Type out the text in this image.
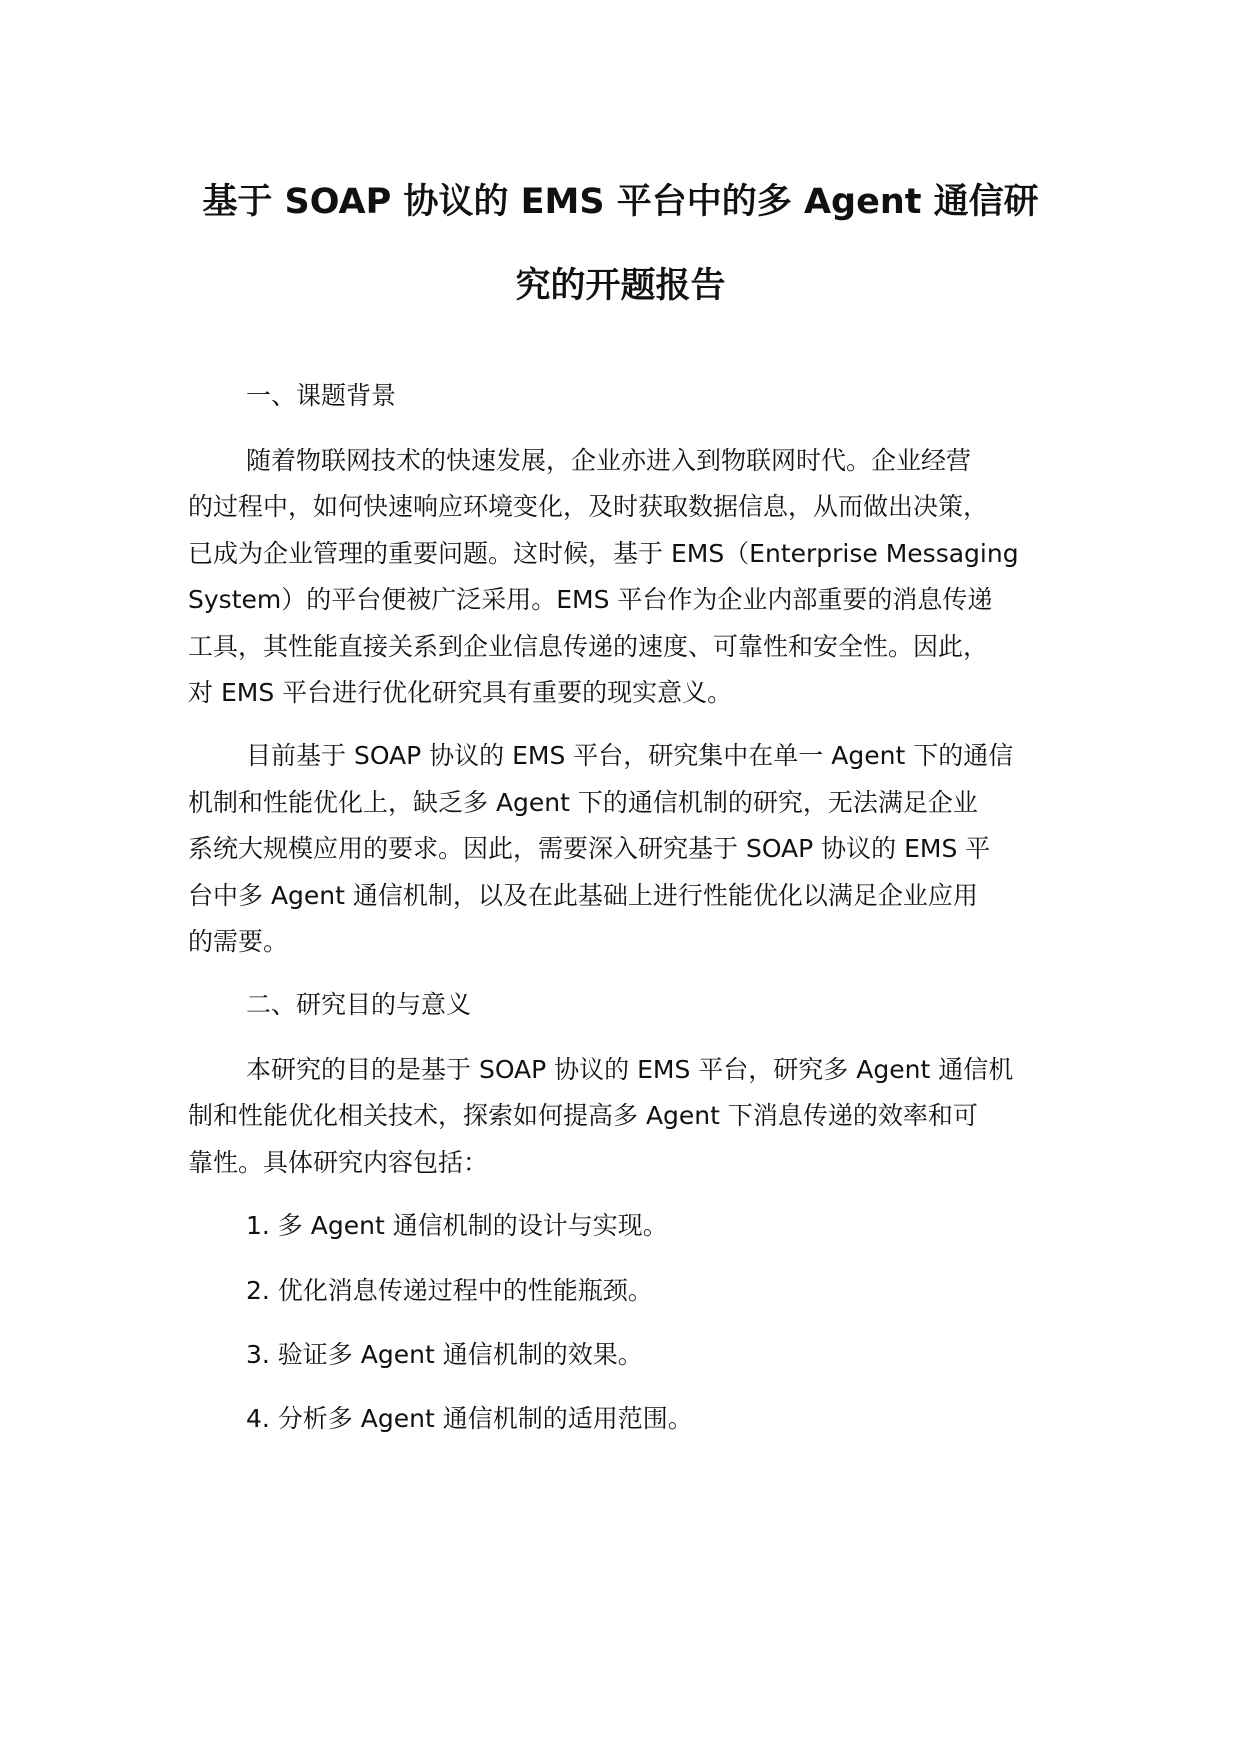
基于 SOAP 协议的 EMS 平台中的多 Agent 通信研
究的开题报告
一、课题背景
随着物联网技术的快速发展，企业亦进入到物联网时代。企业经营
的过程中，如何快速响应环境变化，及时获取数据信息，从而做出决策，
已成为企业管理的重要问题。这时候，基于 EMS（Enterprise Messaging
System）的平台便被广泛采用。EMS 平台作为企业内部重要的消息传递
工具，其性能直接关系到企业信息传递的速度、可靠性和安全性。因此，
对 EMS 平台进行优化研究具有重要的现实意义。
目前基于 SOAP 协议的 EMS 平台，研究集中在单一 Agent 下的通信
机制和性能优化上，缺乏多 Agent 下的通信机制的研究，无法满足企业
系统大规模应用的要求。因此，需要深入研究基于 SOAP 协议的 EMS 平
台中多 Agent 通信机制，以及在此基础上进行性能优化以满足企业应用
的需要。
二、研究目的与意义
本研究的目的是基于 SOAP 协议的 EMS 平台，研究多 Agent 通信机
制和性能优化相关技术，探索如何提高多 Agent 下消息传递的效率和可
靠性。具体研究内容包括：
1. 多 Agent 通信机制的设计与实现。
2. 优化消息传递过程中的性能瓶颈。
3. 验证多 Agent 通信机制的效果。
4. 分析多 Agent 通信机制的适用范围。
